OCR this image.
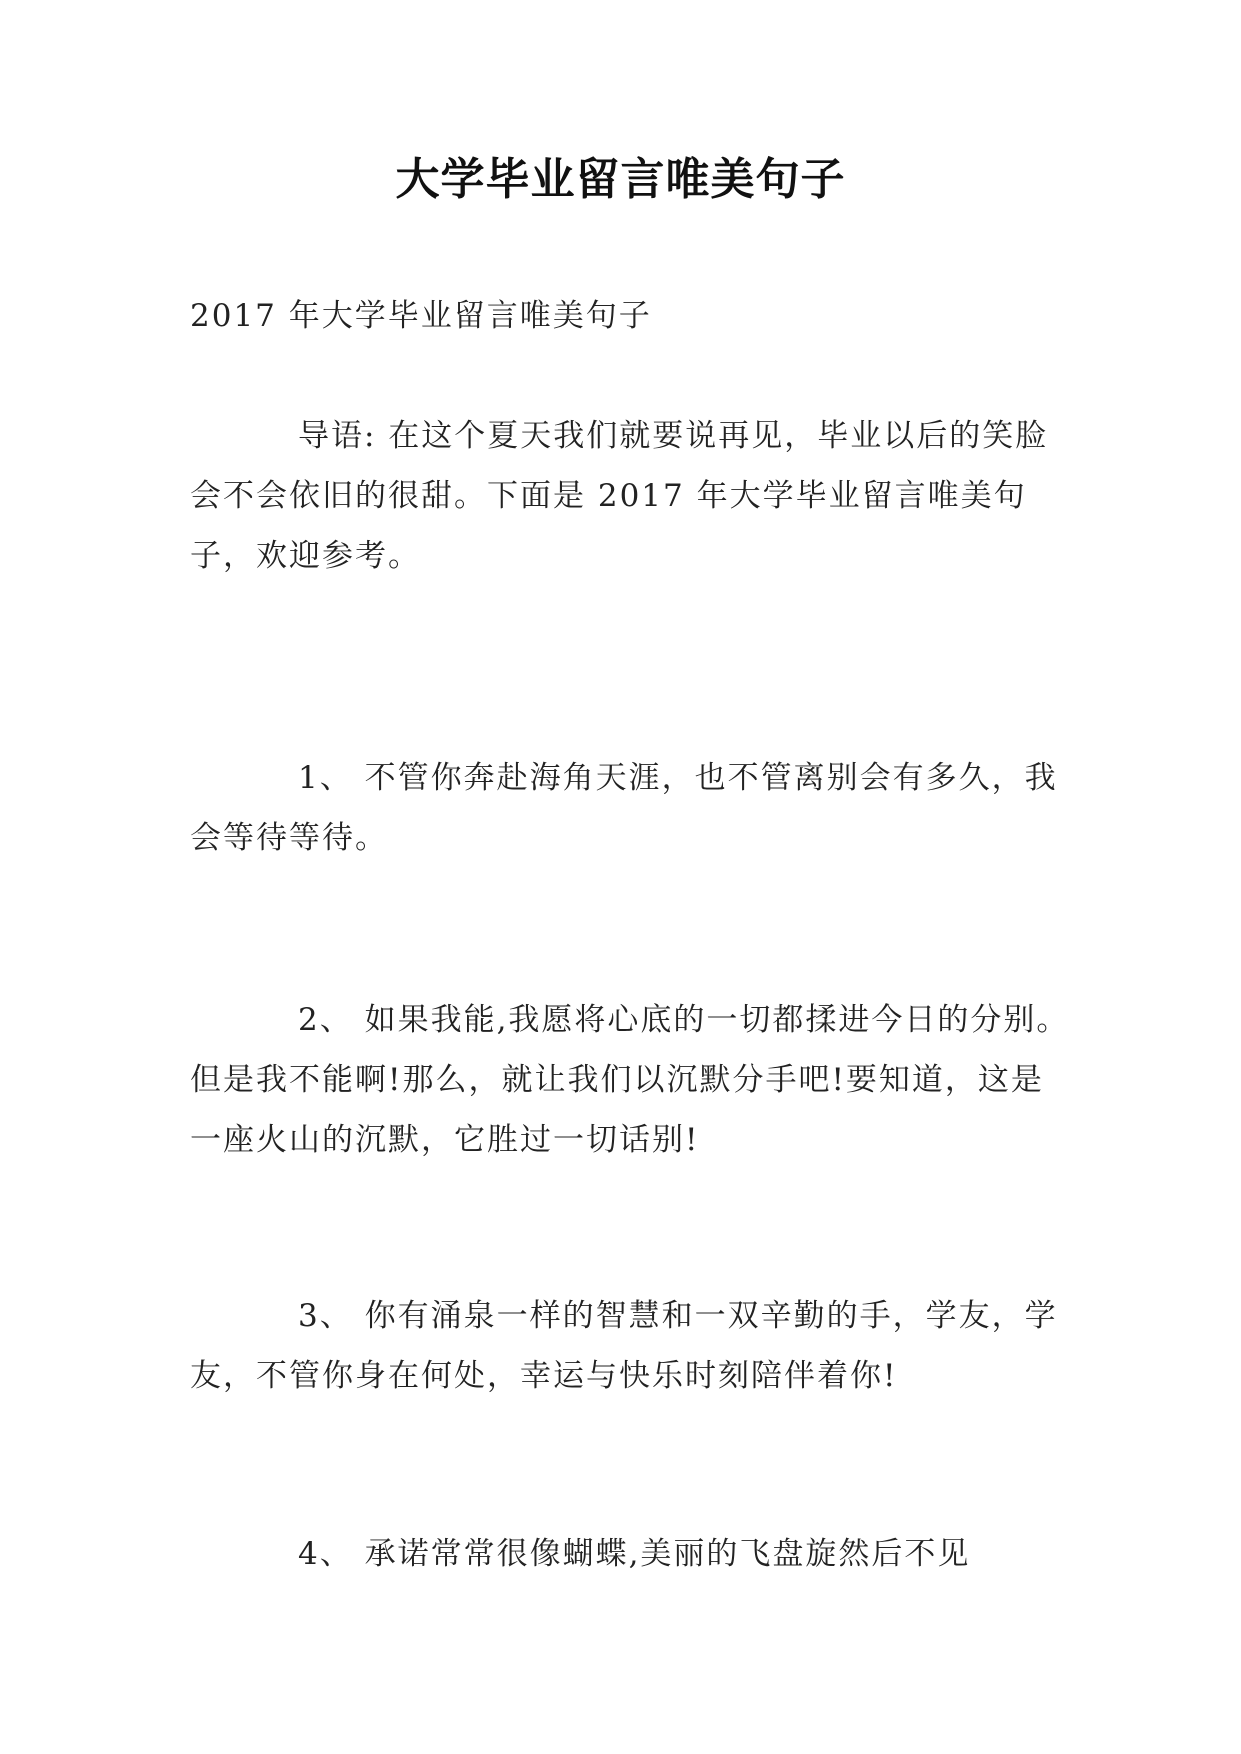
大学毕业留言唯美句子
2017 年大学毕业留言唯美句子
导语: 在这个夏天我们就要说再见，毕业以后的笑脸会不会依旧的很甜。下面是 2017 年大学毕业留言唯美句子，欢迎参考。
1、 不管你奔赴海角天涯，也不管离别会有多久，我会等待等待。
2、 如果我能,我愿将心底的一切都揉进今日的分别。但是我不能啊!那么，就让我们以沉默分手吧!要知道，这是一座火山的沉默，它胜过一切话别!
3、 你有涌泉一样的智慧和一双辛勤的手，学友，学友，不管你身在何处，幸运与快乐时刻陪伴着你!
4、 承诺常常很像蝴蝶,美丽的飞盘旋然后不见
